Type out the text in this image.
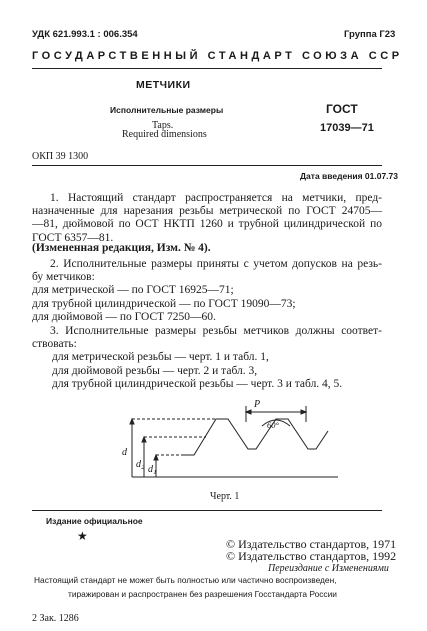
УДК 621.993.1 : 006.354	Группа Г23
ГОСУДАРСТВЕННЫЙ СТАНДАРТ СОЮЗА ССР
МЕТЧИКИ
Исполнительные размеры
Taps.
Required dimensions
ГОСТ
17039—71
ОКП 39 1300
Дата введения 01.07.73
1. Настоящий стандарт распространяется на метчики, пред-
назначенные для нарезания резьбы метрической по ГОСТ 24705—
—81, дюймовой по ОСТ НКТП 1260 и трубной цилиндрической по
ГОСТ 6357—81.
(Измененная редакция, Изм. № 4).
2. Исполнительные размеры приняты с учетом допусков на резь-
бу метчиков:
для метрической — по ГОСТ 16925—71;
для трубной цилиндрической — по ГОСТ 19090—73;
для дюймовой — по ГОСТ 7250—60.
3. Исполнительные размеры резьбы метчиков должны соответ-
ствовать:
для метрической резьбы — черт. 1 и табл. 1,
для дюймовой резьбы — черт. 2 и табл. 3,
для трубной цилиндрической резьбы — черт. 3 и табл. 4, 5.
P
60°
d
d₂ d₁
Черт. 1
Издание официальное
★
© Издательство стандартов, 1971
© Издательство стандартов, 1992
Переиздание с Изменениями
Настоящий стандарт не может быть полностью или частично воспроизведен,
тиражирован и распространен без разрешения Госстандарта России
2 Зак. 1286
